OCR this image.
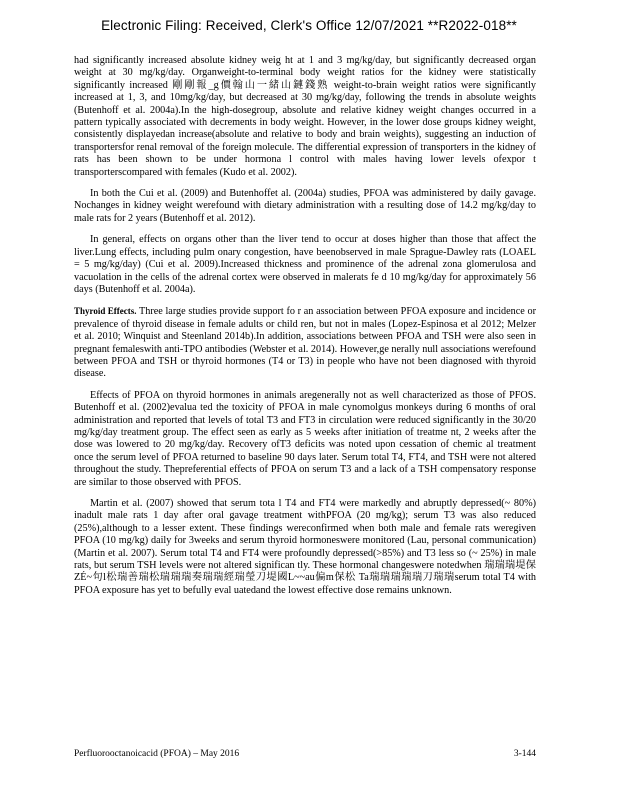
Electronic Filing: Received, Clerk's Office 12/07/2021 **R2022-018**

had significantly increased absolute kidney weig ht at 1 and 3 mg/kg/day, but significantly decreased organ weight at 30 mg/kg/day. Organweight-to-terminal body weight ratios for the kidney were statistically significantly increased 剛剛報_g價翰山一緒山鏈錢熟 weight-to-brain weight ratios were significantly increased at 1, 3, and 10mg/kg/day, but decreased at 30 mg/kg/day, following the trends in absolute weights (Butenhoff et al. 2004a).In the high-dosegroup, absolute and relative kidney weight changes occurred in a pattern typically associated with decrements in body weight. However, in the lower dose groups kidney weight, consistently displayedan increase(absolute and relative to body and brain weights), suggesting an induction of transportersfor renal removal of the foreign molecule. The differential expression of transporters in the kidney of rats has been shown to be under hormona l control with males having lower levels ofexpor t transporterscompared with females (Kudo et al. 2002).

In both the Cui et al. (2009) and Butenhoffet al. (2004a) studies, PFOA was administered by daily gavage. Nochanges in kidney weight werefound with dietary administration with a resulting dose of 14.2 mg/kg/day to male rats for 2 years (Butenhoff et al. 2012).

In general, effects on organs other than the liver tend to occur at doses higher than those that affect the liver.Lung effects, including pulm onary congestion, have beenobserved in male Sprague-Dawley rats (LOAEL = 5 mg/kg/day) (Cui et al. 2009).Increased thickness and prominence of the adrenal zona glomerulosa and vacuolation in the cells of the adrenal cortex were observed in malerats fe d 10 mg/kg/day for approximately 56 days (Butenhoff et al. 2004a).

Thyroid Effects. Three large studies provide support fo r an association between PFOA exposure and incidence or prevalence of thyroid disease in female adults or child ren, but not in males (Lopez-Espinosa et al 2012; Melzer et al. 2010; Winquist and Steenland 2014b).In addition, associations between PFOA and TSH were also seen in pregnant femaleswith anti-TPO antibodies (Webster et al. 2014). However,ge nerally null associations werefound between PFOA and TSH or thyroid hormones (T4 or T3) in people who have not been diagnosed with thyroid disease.

Effects of PFOA on thyroid hormones in animals aregenerally not as well characterized as those of PFOS. Butenhoff et al. (2002)evalua ted the toxicity of PFOA in male cynomolgus monkeys during 6 months of oral administration and reported that levels of total T3 and FT3 in circulation were reduced significantly in the 30/20 mg/kg/day treatment group. The effect seen as early as 5 weeks after initiation of treatme nt, 2 weeks after the dose was lowered to 20 mg/kg/day. Recovery ofT3 deficits was noted upon cessation of chemic al treatment once the serum level of PFOA returned to baseline 90 days later. Serum total T4, FT4, and TSH were not altered throughout the study. Thepreferential effects of PFOA on serum T3 and a lack of a TSH compensatory response are similar to those observed with PFOS.

Martin et al. (2007) showed that serum tota l T4 and FT4 were markedly and abruptly depressed(~ 80%) inadult male rats 1 day after oral gavage treatment withPFOA (20 mg/kg); serum T3 was also reduced (25%),although to a lesser extent. These findings wereconfirmed when both male and female rats weregiven PFOA (10 mg/kg) daily for 3weeks and serum thyroid hormoneswere monitored (Lau, personal communication) (Martin et al. 2007). Serum total T4 and FT4 were profoundly depressed(>85%) and T3 less so (~ 25%) in male rats, but serum TSH levels were not altered significan tly. These hormonal changeswere notedwhen 瑞瑞瑞堤保ZÉ~句l松瑞善瑞松瑞瑞瑞奏瑞瑞經瑞瑩刀堤國L~~au偏m保松 Ta瑞瑞瑞瑞瑞刀瑞瑞serum total T4 with PFOA exposure has yet to befully eval uatedand the lowest effective dose remains unknown.

Perfluorooctanoicacid (PFOA) – May 2016	3-144
